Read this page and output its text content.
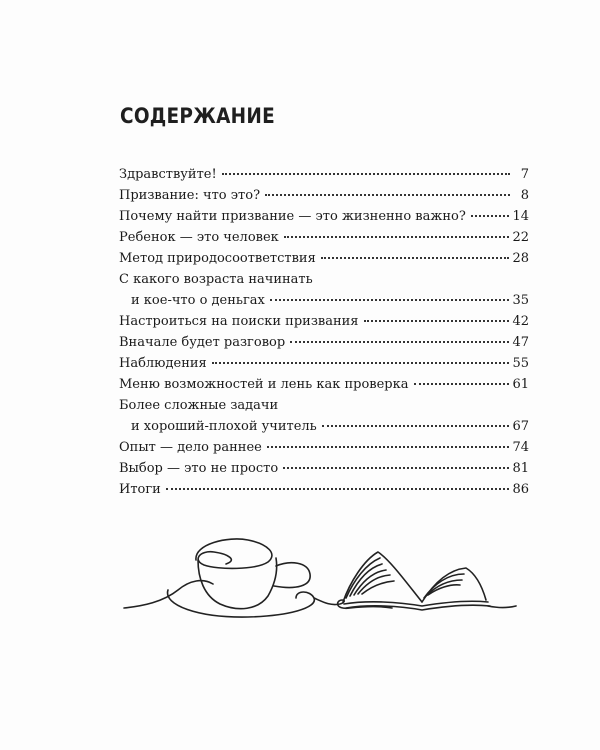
СОДЕРЖАНИЕ
Здравствуйте!	7
Призвание: что это?	8
Почему найти призвание — это жизненно важно?	14
Ребенок — это человек	22
Метод природосоответствия	28
С какого возраста начинать
и кое-что о деньгах	35
Настроиться на поиски призвания	42
Вначале будет разговор	47
Наблюдения	55
Меню возможностей и лень как проверка	61
Более сложные задачи
и хороший-плохой учитель	67
Опыт — дело раннее	74
Выбор — это не просто	81
Итоги	86
